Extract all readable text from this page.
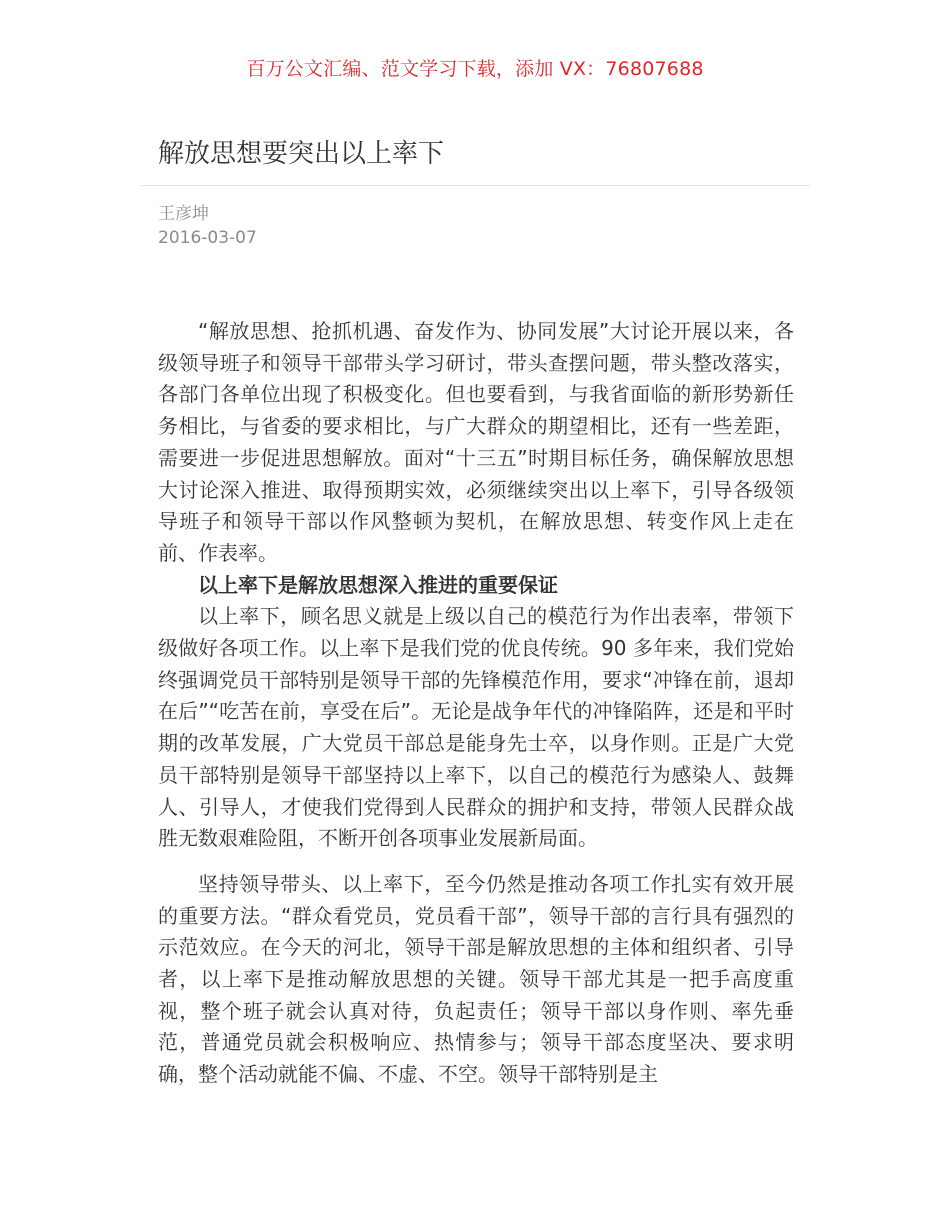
百万公文汇编、范文学习下载，添加 VX：76807688
解放思想要突出以上率下
王彦坤
2016-03-07

“解放思想、抢抓机遇、奋发作为、协同发展”大讨论开展以来，各级领导班子和领导干部带头学习研讨，带头查摆问题，带头整改落实，各部门各单位出现了积极变化。但也要看到，与我省面临的新形势新任务相比，与省委的要求相比，与广大群众的期望相比，还有一些差距，需要进一步促进思想解放。面对“十三五”时期目标任务，确保解放思想大讨论深入推进、取得预期实效，必须继续突出以上率下，引导各级领导班子和领导干部以作风整顿为契机，在解放思想、转变作风上走在前、作表率。

以上率下是解放思想深入推进的重要保证

以上率下，顾名思义就是上级以自己的模范行为作出表率，带领下级做好各项工作。以上率下是我们党的优良传统。90 多年来，我们党始终强调党员干部特别是领导干部的先锋模范作用，要求“冲锋在前，退却在后”“吃苦在前，享受在后”。无论是战争年代的冲锋陷阵，还是和平时期的改革发展，广大党员干部总是能身先士卒，以身作则。正是广大党员干部特别是领导干部坚持以上率下，以自己的模范行为感染人、鼓舞人、引导人，才使我们党得到人民群众的拥护和支持，带领人民群众战胜无数艰难险阻，不断开创各项事业发展新局面。

坚持领导带头、以上率下，至今仍然是推动各项工作扎实有效开展的重要方法。“群众看党员，党员看干部”，领导干部的言行具有强烈的示范效应。在今天的河北，领导干部是解放思想的主体和组织者、引导者，以上率下是推动解放思想的关键。领导干部尤其是一把手高度重视，整个班子就会认真对待，负起责任；领导干部以身作则、率先垂范，普通党员就会积极响应、热情参与；领导干部态度坚决、要求明确，整个活动就能不偏、不虚、不空。领导干部特别是主
